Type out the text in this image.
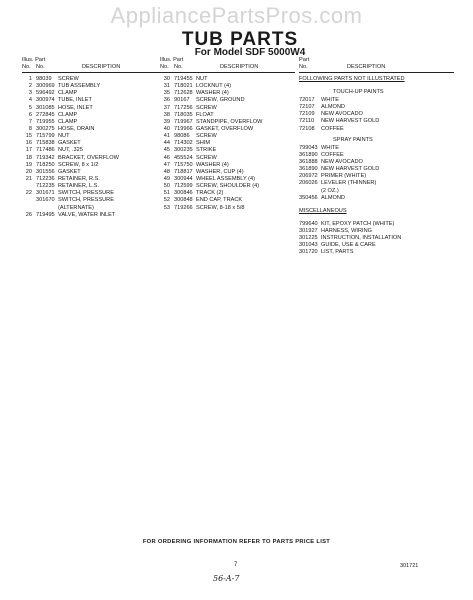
AppliancePartsPros.com
TUB PARTS
For Model SDF 5000W4
Illus. Part
No. No.	DESCRIPTION
1 98039 SCREW
2 300969 TUB ASSEMBLY
3 596492 CLAMP
4 300974 TUBE, INLET
5 301085 HOSE, INLET
6 272845 CLAMP
7 719955 CLAMP
8 300275 HOSE, DRAIN
15 715799 NUT
16 715838 GASKET
17 717486 NUT, .325
18 719342 BRACKET, OVERFLOW
19 718250 SCREW, 8 x 1/2
20 301556 GASKET
21 712236 RETAINER, R.S.
712235 RETAINER, L.S.
22 301671 SWITCH, PRESSURE
301670 SWITCH, PRESSURE
(ALTERNATE)
26 719495 VALVE, WATER INLET
Illus. Part
No. No.	DESCRIPTION
30 719455 NUT
31 718021 LOCKNUT (4)
35 712628 WASHER (4)
36 90167 SCREW, GROUND
37 717256 SCREW
38 718035 FLOAT
39 719967 STANDPIPE, OVERFLOW
40 719966 GASKET, OVERFLOW
41 98086 SCREW
44 714302 SHIM
45 300235 STRIKE
46 455524 SCREW
47 715750 WASHER (4)
48 718817 WASHER, CUP (4)
49 300944 WHEEL ASSEMBLY (4)
50 712599 SCREW, SHOULDER (4)
51 300846 TRACK (2)
52 300848 END CAP, TRACK
53 719266 SCREW, 8-18 x 5/8
Part
No.	DESCRIPTION
FOLLOWING PARTS NOT ILLUSTRATED
TOUCH-UP PAINTS
72017 WHITE
72107 ALMOND
72109 NEW AVOCADO
72110 NEW HARVEST GOLD
72108 COFFEE
SPRAY PAINTS
799043 WHITE
361890 COFFEE
361888 NEW AVOCADO
361890 NEW HARVEST GOLD
206972 PRIMER (WHITE)
206026 LEVELER (THINNER)
(2 OZ.)
350456 ALMOND
MISCELLANEOUS
799640 KIT, EPOXY PATCH (WHITE)
301927 HARNESS, WIRING
301225 INSTRUCTION, INSTALLATION
301043 GUIDE, USE & CARE
301720 LIST, PARTS
FOR ORDERING INFORMATION REFER TO PARTS PRICE LIST
7	301721
56-A-7
